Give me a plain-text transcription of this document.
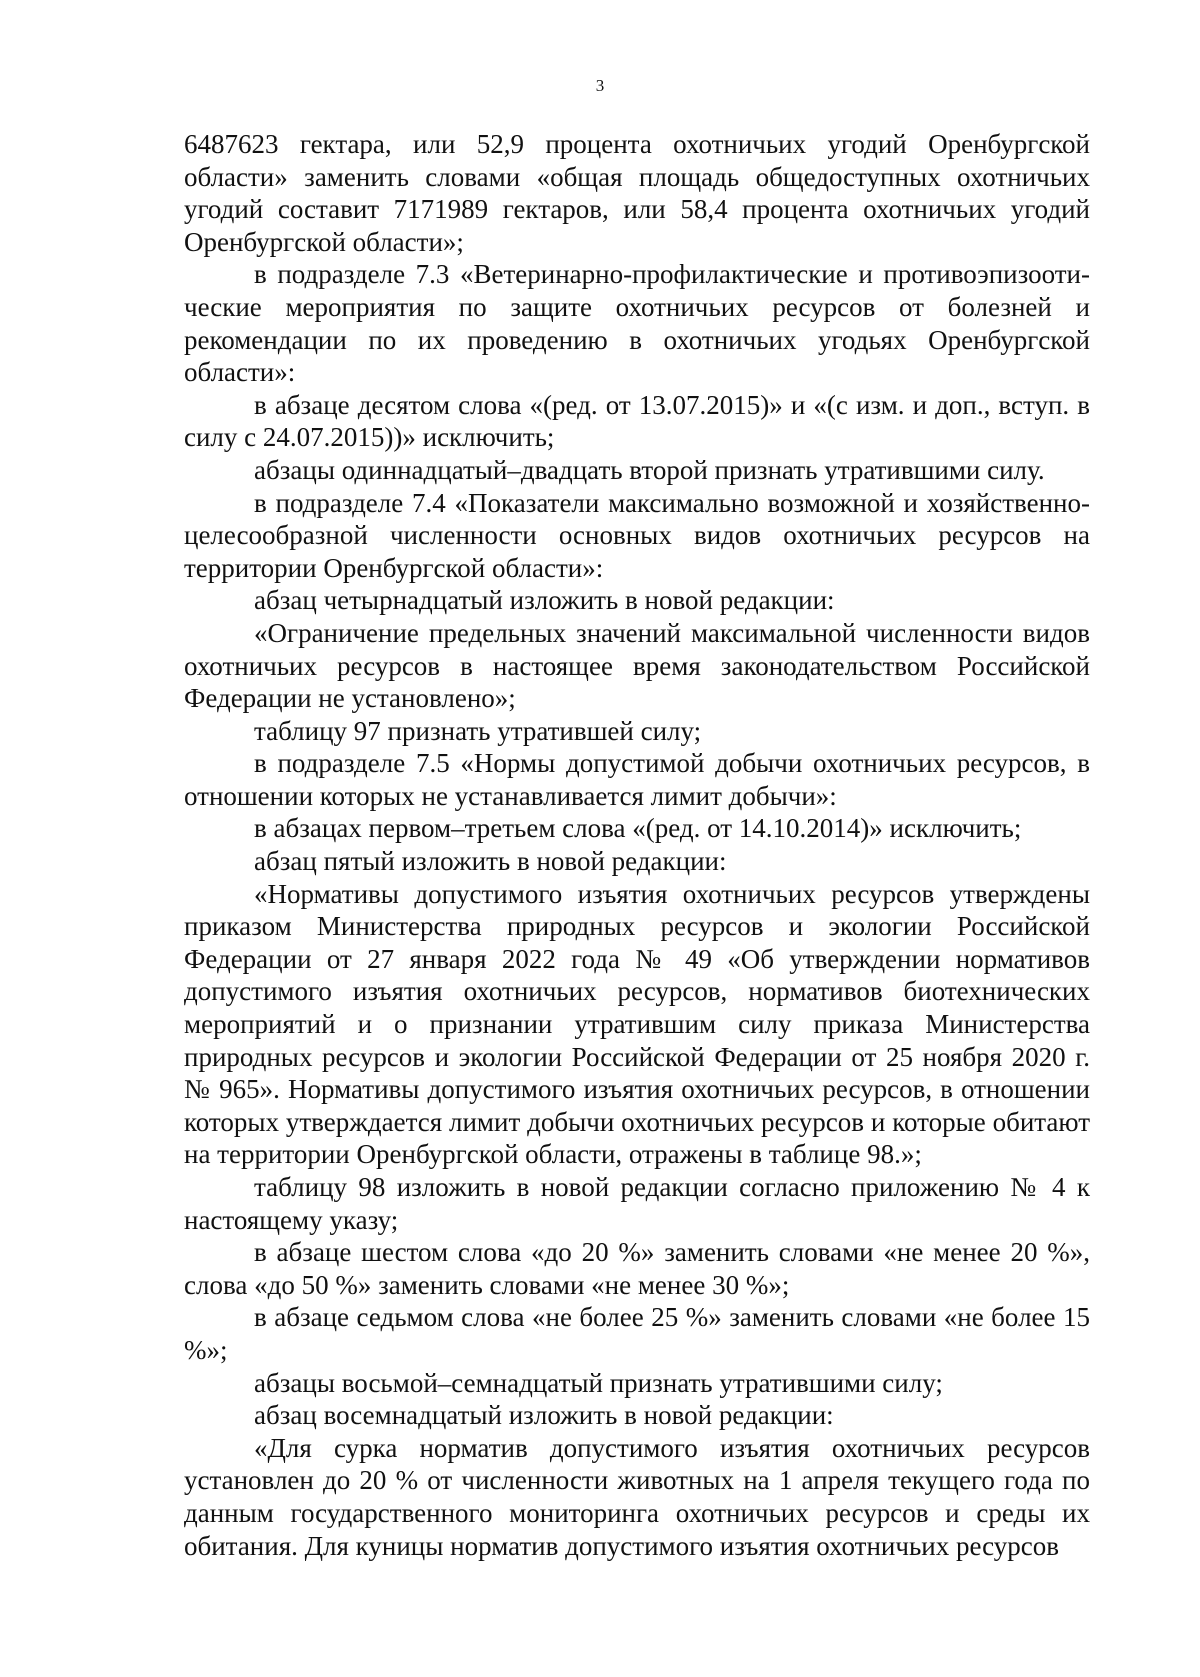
3

6487623 гектара, или 52,9 процента охотничьих угодий Оренбургской области» заменить словами «общая площадь общедоступных охотничьих угодий составит 7171989 гектаров, или 58,4 процента охотничьих угодий Оренбургской области»;

в подразделе 7.3 «Ветеринарно-профилактические и противоэпизоотические мероприятия по защите охотничьих ресурсов от болезней и рекомендации по их проведению в охотничьих угодьях Оренбургской области»:

в абзаце десятом слова «(ред. от 13.07.2015)» и «(с изм. и доп., вступ. в силу с 24.07.2015))» исключить;

абзацы одиннадцатый–двадцать второй признать утратившими силу.

в подразделе 7.4 «Показатели максимально возможной и хозяйственно-целесообразной численности основных видов охотничьих ресурсов на территории Оренбургской области»:

абзац четырнадцатый изложить в новой редакции:

«Ограничение предельных значений максимальной численности видов охотничьих ресурсов в настоящее время законодательством Российской Федерации не установлено»;

таблицу 97 признать утратившей силу;

в подразделе 7.5 «Нормы допустимой добычи охотничьих ресурсов, в отношении которых не устанавливается лимит добычи»:

в абзацах первом–третьем слова «(ред. от 14.10.2014)» исключить;

абзац пятый изложить в новой редакции:

«Нормативы допустимого изъятия охотничьих ресурсов утверждены приказом Министерства природных ресурсов и экологии Российской Федерации от 27 января 2022 года № 49 «Об утверждении нормативов допустимого изъятия охотничьих ресурсов, нормативов биотехнических мероприятий и о признании утратившим силу приказа Министерства природных ресурсов и экологии Российской Федерации от 25 ноября 2020 г. № 965». Нормативы допустимого изъятия охотничьих ресурсов, в отношении которых утверждается лимит добычи охотничьих ресурсов и которые обитают на территории Оренбургской области, отражены в таблице 98.»;

таблицу 98 изложить в новой редакции согласно приложению № 4 к настоящему указу;

в абзаце шестом слова «до 20 %» заменить словами «не менее 20 %», слова «до 50 %» заменить словами «не менее 30 %»;

в абзаце седьмом слова «не более 25 %» заменить словами «не более 15 %»;

абзацы восьмой–семнадцатый признать утратившими силу;

абзац восемнадцатый изложить в новой редакции:

«Для сурка норматив допустимого изъятия охотничьих ресурсов установлен до 20 % от численности животных на 1 апреля текущего года по данным государственного мониторинга охотничьих ресурсов и среды их обитания. Для куницы норматив допустимого изъятия охотничьих ресурсов
